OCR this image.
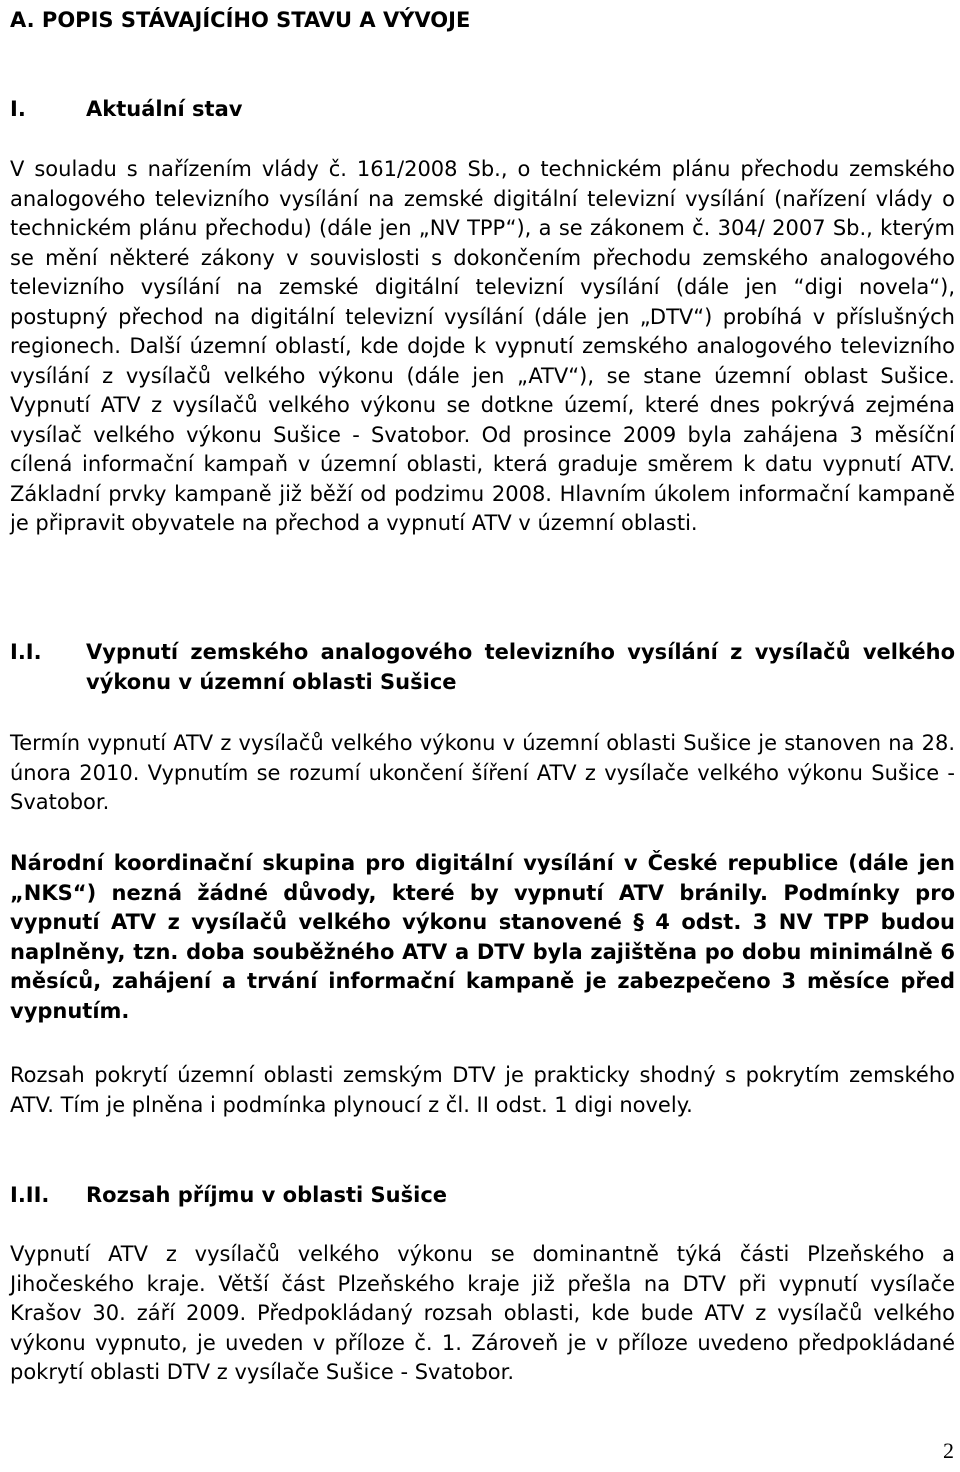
A. POPIS STÁVAJÍCÍHO STAVU A VÝVOJE
I.	Aktuální stav

V souladu s nařízením vlády č. 161/2008 Sb., o technickém plánu přechodu zemského analogového televizního vysílání na zemské digitální televizní vysílání (nařízení vlády o technickém plánu přechodu) (dále jen „NV TPP“), a se zákonem č. 304/ 2007 Sb., kterým se mění některé zákony v souvislosti s dokončením přechodu zemského analogového televizního vysílání na zemské digitální televizní vysílání (dále jen “digi novela“), postupný přechod na digitální televizní vysílání (dále jen „DTV“) probíhá v příslušných regionech. Další územní oblastí, kde dojde k vypnutí zemského analogového televizního vysílání z vysílačů velkého výkonu (dále jen „ATV“), se stane územní oblast Sušice. Vypnutí ATV z vysílačů velkého výkonu se dotkne území, které dnes pokrývá zejména vysílač velkého výkonu Sušice - Svatobor. Od prosince 2009 byla zahájena 3 měsíční cílená informační kampaň v územní oblasti, která graduje směrem k datu vypnutí ATV. Základní prvky kampaně již běží od podzimu 2008. Hlavním úkolem informační kampaně je připravit obyvatele na přechod a vypnutí ATV v územní oblasti.

I.I.	Vypnutí zemského analogového televizního vysílání z vysílačů velkého výkonu v územní oblasti Sušice

Termín vypnutí ATV z vysílačů velkého výkonu v územní oblasti Sušice je stanoven na 28. února 2010. Vypnutím se rozumí ukončení šíření ATV z vysílače velkého výkonu Sušice - Svatobor.

Národní koordinační skupina pro digitální vysílání v České republice (dále jen „NKS“) nezná žádné důvody, které by vypnutí ATV bránily. Podmínky pro vypnutí ATV z vysílačů velkého výkonu stanovené § 4 odst. 3 NV TPP budou naplněny, tzn. doba souběžného ATV a DTV byla zajištěna po dobu minimálně 6 měsíců, zahájení a trvání informační kampaně je zabezpečeno 3 měsíce před vypnutím.

Rozsah pokrytí územní oblasti zemským DTV je prakticky shodný s pokrytím zemského ATV. Tím je plněna i podmínka plynoucí z čl. II odst. 1 digi novely.

I.II. Rozsah příjmu v oblasti Sušice

Vypnutí ATV z vysílačů velkého výkonu se dominantně týká části Plzeňského a Jihočeského kraje. Větší část Plzeňského kraje již přešla na DTV při vypnutí vysílače Krašov 30. září 2009. Předpokládaný rozsah oblasti, kde bude ATV z vysílačů velkého výkonu vypnuto, je uveden v příloze č. 1. Zároveň je v příloze uvedeno předpokládané pokrytí oblasti DTV z vysílače Sušice - Svatobor.

2
